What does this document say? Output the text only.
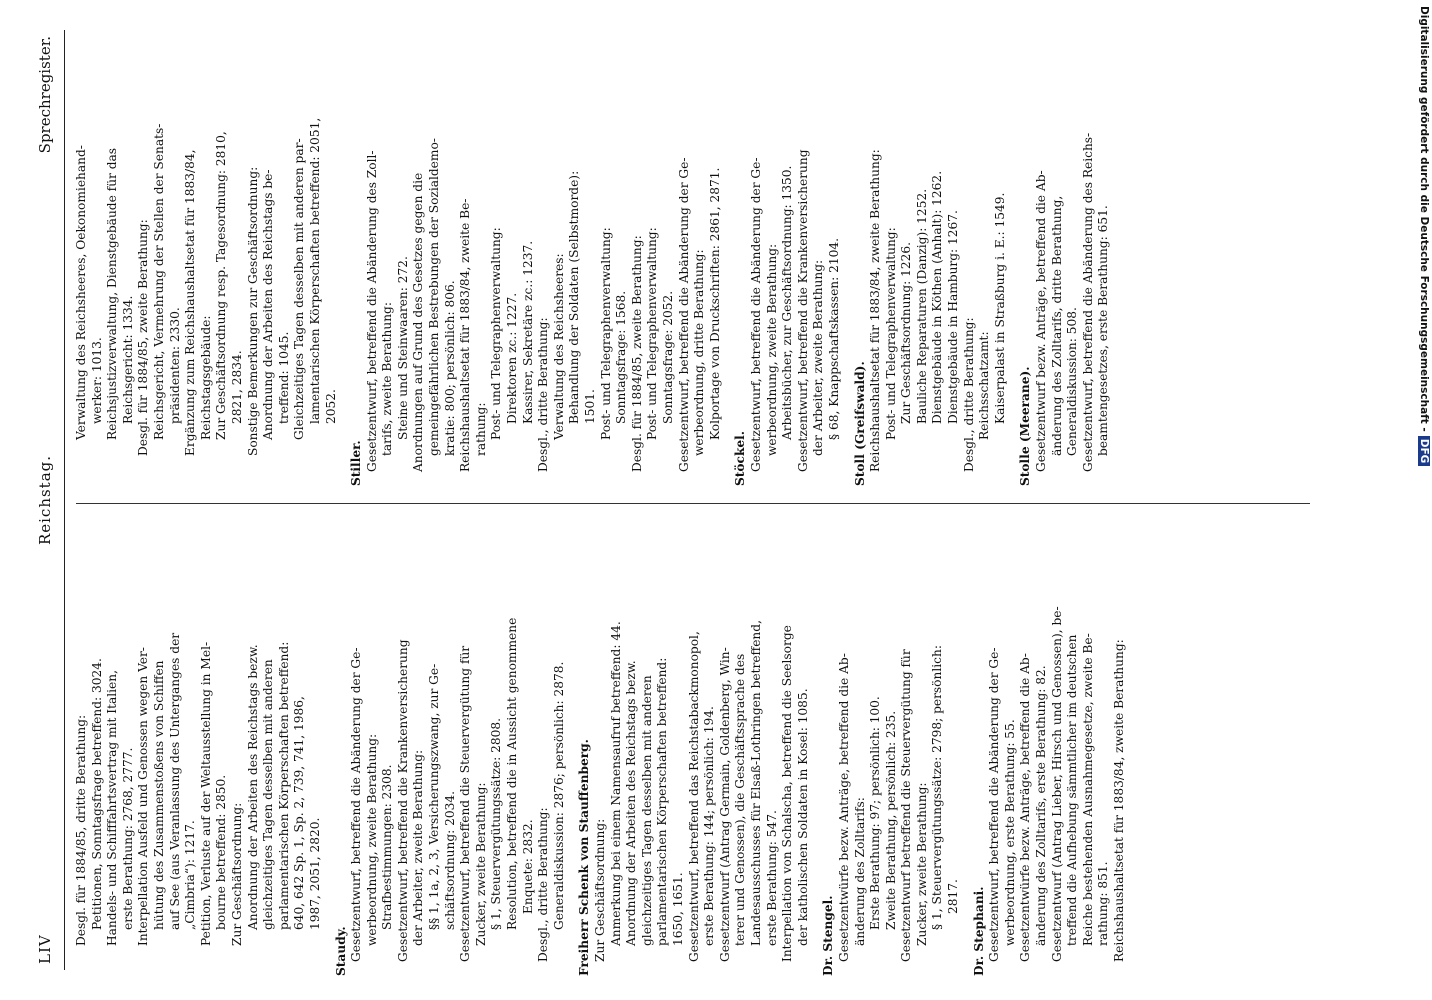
LIV
Reichstag.
Sprechregister.

Desgl. für 1884/85, dritte Berathung: Petitionen, Sonntagsfrage betreffend: 3024. Handels- und Schifffahrtsvertrag mit Italien, erste Berathung: 2768, 2777. Interpellation Ausfeld und Genossen wegen Ver- hütung des Zusammenstoßens von Schiffen auf See (aus Veranlassung des Unterganges der „Cimbria“): 1217. Petition, Verluste auf der Weltausstellung in Mel- bourne betreffend: 2850. Zur Geschäftsordnung: Anordnung der Arbeiten des Reichstags bezw. gleichzeitiges Tagen desselben mit anderen parlamentarischen Körperschaften betreffend: 640, 642 Sp. 1, Sp. 2, 739, 741, 1986, 1987, 2051, 2820.

Staudy. Gesetzentwurf, betreffend die Abänderung der Ge- werbeordnung, zweite Berathung: Strafbestimmungen: 2308. Gesetzentwurf, betreffend die Krankenversicherung der Arbeiter, zweite Berathung: §§ 1, 1a, 2, 3, Versicherungszwang, zur Ge- schäftsordnung: 2034. Gesetzentwurf, betreffend die Steuervergütung für Zucker, zweite Berathung: § 1, Steuervergütungssätze: 2808. Resolution, betreffend die in Aussicht genommene Enquete: 2832. Desgl., dritte Berathung: Generaldiskussion: 2876; persönlich: 2878. Freiherr Schenk von Stauffenberg. Zur Geschäftsordnung: Anmerkung bei einem Namensaufruf betreffend: 44. Anordnung der Arbeiten des Reichstags bezw. gleichzeitiges Tagen desselben mit anderen parlamentarischen Körperschaften betreffend: 1650, 1651. Gesetzentwurf, betreffend das Reichstabackmonopol, erste Berathung: 144; persönlich: 194. Gesetzentwurf (Antrag Germain, Goldenberg, Win- terer und Genossen), die Geschäftssprache des Landesausschusses für Elsaß-Lothringen betreffend, erste Berathung: 547. Interpellation von Schalscha, betreffend die Seelsorge der katholischen Soldaten in Kosel: 1085. Dr. Stengel. Gesetzentwürfe bezw. Anträge, betreffend die Ab- änderung des Zolltarifs: Erste Berathung: 97; persönlich: 100. Zweite Berathung, persönlich: 235. Gesetzentwurf betreffend die Steuervergütung für Zucker, zweite Berathung: § 1, Steuervergütungssätze: 2798; persönlich: 2817. Dr. Stephani. Gesetzentwurf, betreffend die Abänderung der Ge- werbeordnung, erste Berathung: 55. Gesetzentwürfe bezw. Anträge, betreffend die Ab- änderung des Zolltarifs, erste Berathung: 82. Gesetzentwurf (Antrag Lieber, Hirsch und Genossen), be- treffend die Aufhebung sämmtlicher im deutschen Reiche bestehenden Ausnahmegesetze, zweite Be- rathung: 851. Reichshaushaltsetat für 1883/84, zweite Berathung:

Verwaltung des Reichsheeres, Oekonomiehand- werker: 1013. Reichsjustizverwaltung, Dienstgebäude für das Reichsgericht: 1334. Desgl. für 1884/85, zweite Berathung: Reichsgericht, Vermehrung der Stellen der Senats- präsidenten: 2330. Ergänzung zum Reichshaushaltsetat für 1883/84, Reichstagsgebäude: Zur Geschäftsordnung resp. Tagesordnung: 2810, 2821, 2834. Sonstige Bemerkungen zur Geschäftsordnung: Anordnung der Arbeiten des Reichstags be- treffend: 1045. Gleichzeitiges Tagen desselben mit anderen par- lamentarischen Körperschaften betreffend: 2051, 2052.

Stiller. Gesetzentwurf, betreffend die Abänderung des Zoll- tarifs, zweite Berathung: Steine und Steinwaaren: 272. Anordnungen auf Grund des Gesetzes gegen die gemeingefährlichen Bestrebungen der Sozialdemo- kratie: 800; persönlich: 806. Reichshaushaltsetat für 1883/84, zweite Be- rathung: Post- und Telegraphenverwaltung: Direktoren zc.: 1227. Kassirer, Sekretäre zc.: 1237. Desgl., dritte Berathung: Verwaltung des Reichsheeres: Behandlung der Soldaten (Selbstmorde): 1501. Post- und Telegraphenverwaltung: Sonntagsfrage: 1568. Desgl. für 1884/85, zweite Berathung: Post- und Telegraphenverwaltung: Sonntagsfrage: 2052. Gesetzentwurf, betreffend die Abänderung der Ge- werbeordnung, dritte Berathung: Kolportage von Druckschriften: 2861, 2871.

Stöckel. Gesetzentwurf, betreffend die Abänderung der Ge- werbeordnung, zweite Berathung: Arbeitsbücher, zur Geschäftsordnung: 1350. Gesetzentwurf, betreffend die Krankenversicherung der Arbeiter, zweite Berathung: § 68, Knappschaftskassen: 2104. Stoll (Greifswald). Reichshaushaltsetat für 1883/84, zweite Berathung: Post- und Telegraphenverwaltung: Zur Geschäftsordnung: 1226. Bauliche Reparaturen (Danzig): 1252. Dienstgebäude in Köthen (Anhalt): 1262. Dienstgebäude in Hamburg: 1267. Desgl., dritte Berathung: Reichsschatzamt: Kaiserpalast in Straßburg i. E.: 1549.

Stolle (Meerane). Gesetzentwurf bezw. Anträge, betreffend die Ab- änderung des Zolltarifs, dritte Berathung, Generaldiskussion: 508. Gesetzentwurf, betreffend die Abänderung des Reichs- beamtengesetzes, erste Berathung: 651.	Digitalisierung gefördert durch die Deutsche Forschungsgemeinschaft -DFG
